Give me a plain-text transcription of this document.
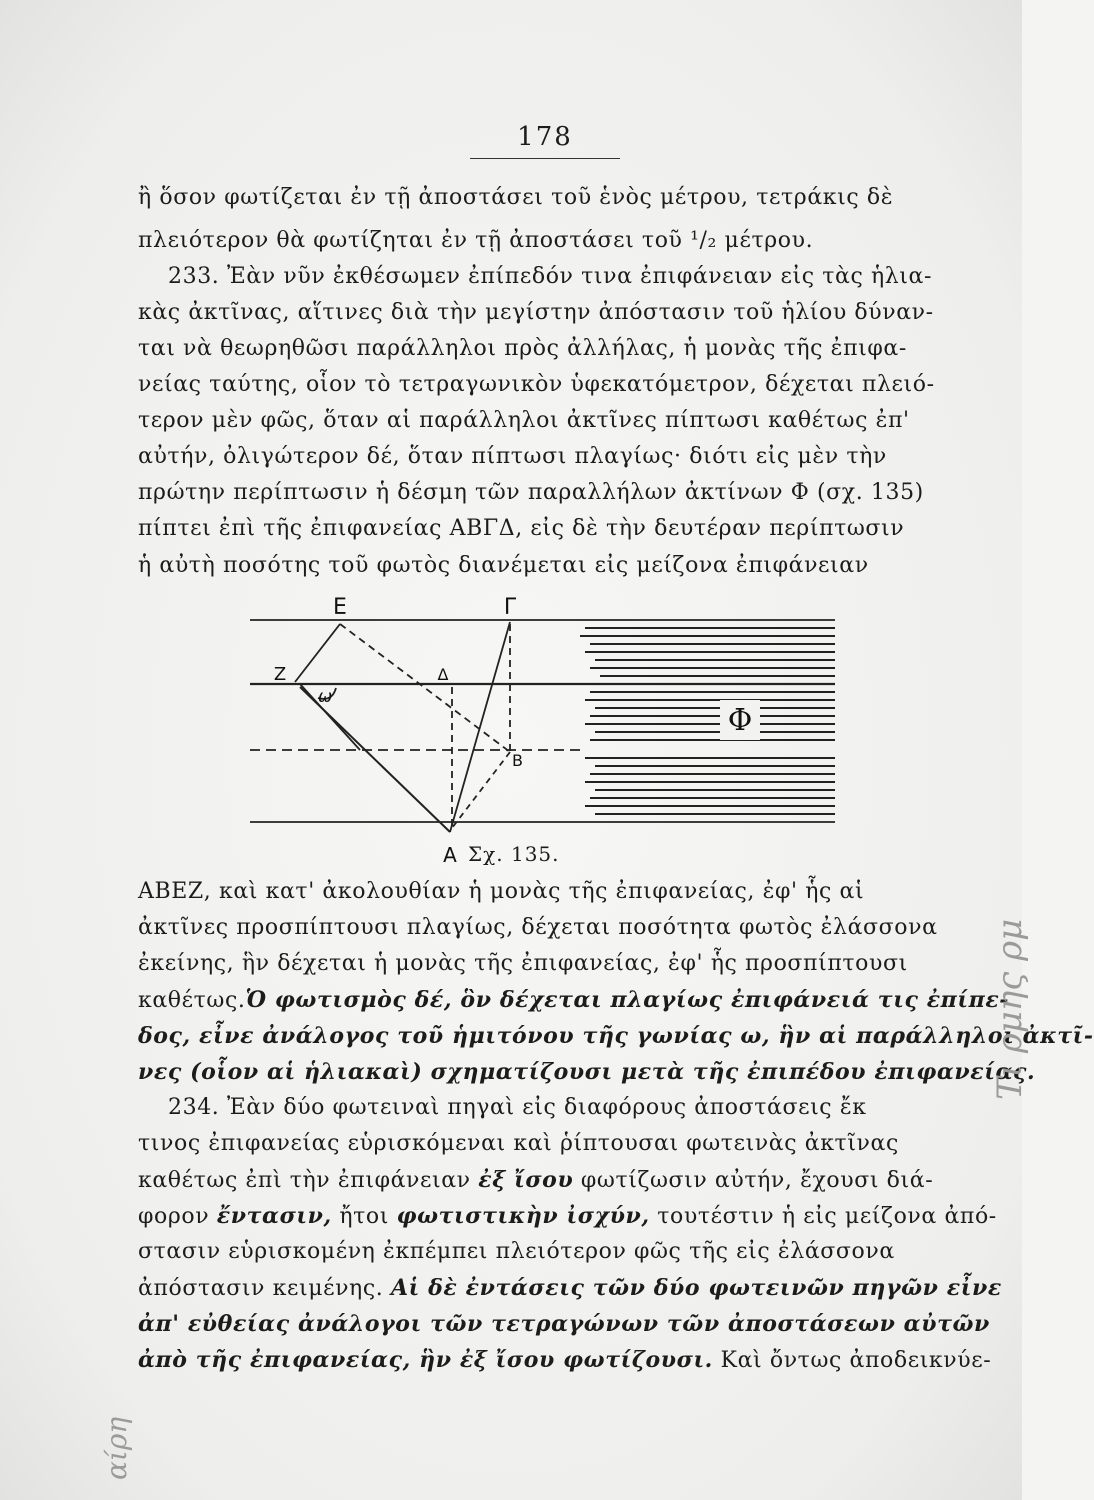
178
ἢ ὅσον φωτίζεται ἐν τῇ ἀποστάσει τοῦ ἑνὸς μέτρου, τετράκις δὲ
πλειότερον θὰ φωτίζηται ἐν τῇ ἀποστάσει τοῦ ¹/₂ μέτρου.
233. Ἐὰν νῦν ἐκθέσωμεν ἐπίπεδόν τινα ἐπιφάνειαν εἰς τὰς ἡλια-
κὰς ἀκτῖνας, αἵτινες διὰ τὴν μεγίστην ἀπόστασιν τοῦ ἡλίου δύναν-
ται νὰ θεωρηθῶσι παράλληλοι πρὸς ἀλλήλας, ἡ μονὰς τῆς ἐπιφα-
νείας ταύτης, οἷον τὸ τετραγωνικὸν ὑφεκατόμετρον, δέχεται πλειό-
τερον μὲν φῶς, ὅταν αἱ παράλληλοι ἀκτῖνες πίπτωσι καθέτως ἐπ'
αὐτήν, ὀλιγώτερον δέ, ὅταν πίπτωσι πλαγίως· διότι εἰς μὲν τὴν
πρώτην περίπτωσιν ἡ δέσμη τῶν παραλλήλων ἀκτίνων Φ (σχ. 135)
πίπτει ἐπὶ τῆς ἐπιφανείας ΑΒΓΔ, εἰς δὲ τὴν δευτέραν περίπτωσιν
ἡ αὐτὴ ποσότης τοῦ φωτὸς διανέμεται εἰς μείζονα ἐπιφάνειαν
Ε	Γ
Ζ	Δ
ω
Β
Α
Φ
Σχ. 135.
ΑΒΕΖ, καὶ κατ' ἀκολουθίαν ἡ μονὰς τῆς ἐπιφανείας, ἐφ' ἧς αἱ
ἀκτῖνες προσπίπτουσι πλαγίως, δέχεται ποσότητα φωτὸς ἐλάσσονα
ἐκείνης, ἣν δέχεται ἡ μονὰς τῆς ἐπιφανείας, ἐφ' ἧς προσπίπτουσι
καθέτως.Ὁ φωτισμὸς δέ, ὃν δέχεται πλαγίως ἐπιφάνειά τις ἐπίπε-
δος, εἶνε ἀνάλογος τοῦ ἡμιτόνου τῆς γωνίας ω, ἣν αἱ παράλληλοι ἀκτῖ-
νες (οἷον αἱ ἡλιακαὶ) σχηματίζουσι μετὰ τῆς ἐπιπέδου ἐπιφανείας.
234. Ἐὰν δύο φωτειναὶ πηγαὶ εἰς διαφόρους ἀποστάσεις ἔκ
τινος ἐπιφανείας εὑρισκόμεναι καὶ ῥίπτουσαι φωτεινὰς ἀκτῖνας
καθέτως ἐπὶ τὴν ἐπιφάνειαν ἐξ ἴσου φωτίζωσιν αὐτήν, ἔχουσι διά-
φορον ἔντασιν, ἤτοι φωτιστικὴν ἰσχύν, τουτέστιν ἡ εἰς μείζονα ἀπό-
στασιν εὑρισκομένη ἐκπέμπει πλειότερον φῶς τῆς εἰς ἐλάσσονα
ἀπόστασιν κειμένης. Αἱ δὲ ἐντάσεις τῶν δύο φωτεινῶν πηγῶν εἶνε
ἀπ' εὐθείας ἀνάλογοι τῶν τετραγώνων τῶν ἀποστάσεων αὐτῶν
ἀπὸ τῆς ἐπιφανείας, ἣν ἐξ ἴσου φωτίζουσι. Καὶ ὄντως ἀποδεικνύε-
Τι ρμης ρμ
αίρη
